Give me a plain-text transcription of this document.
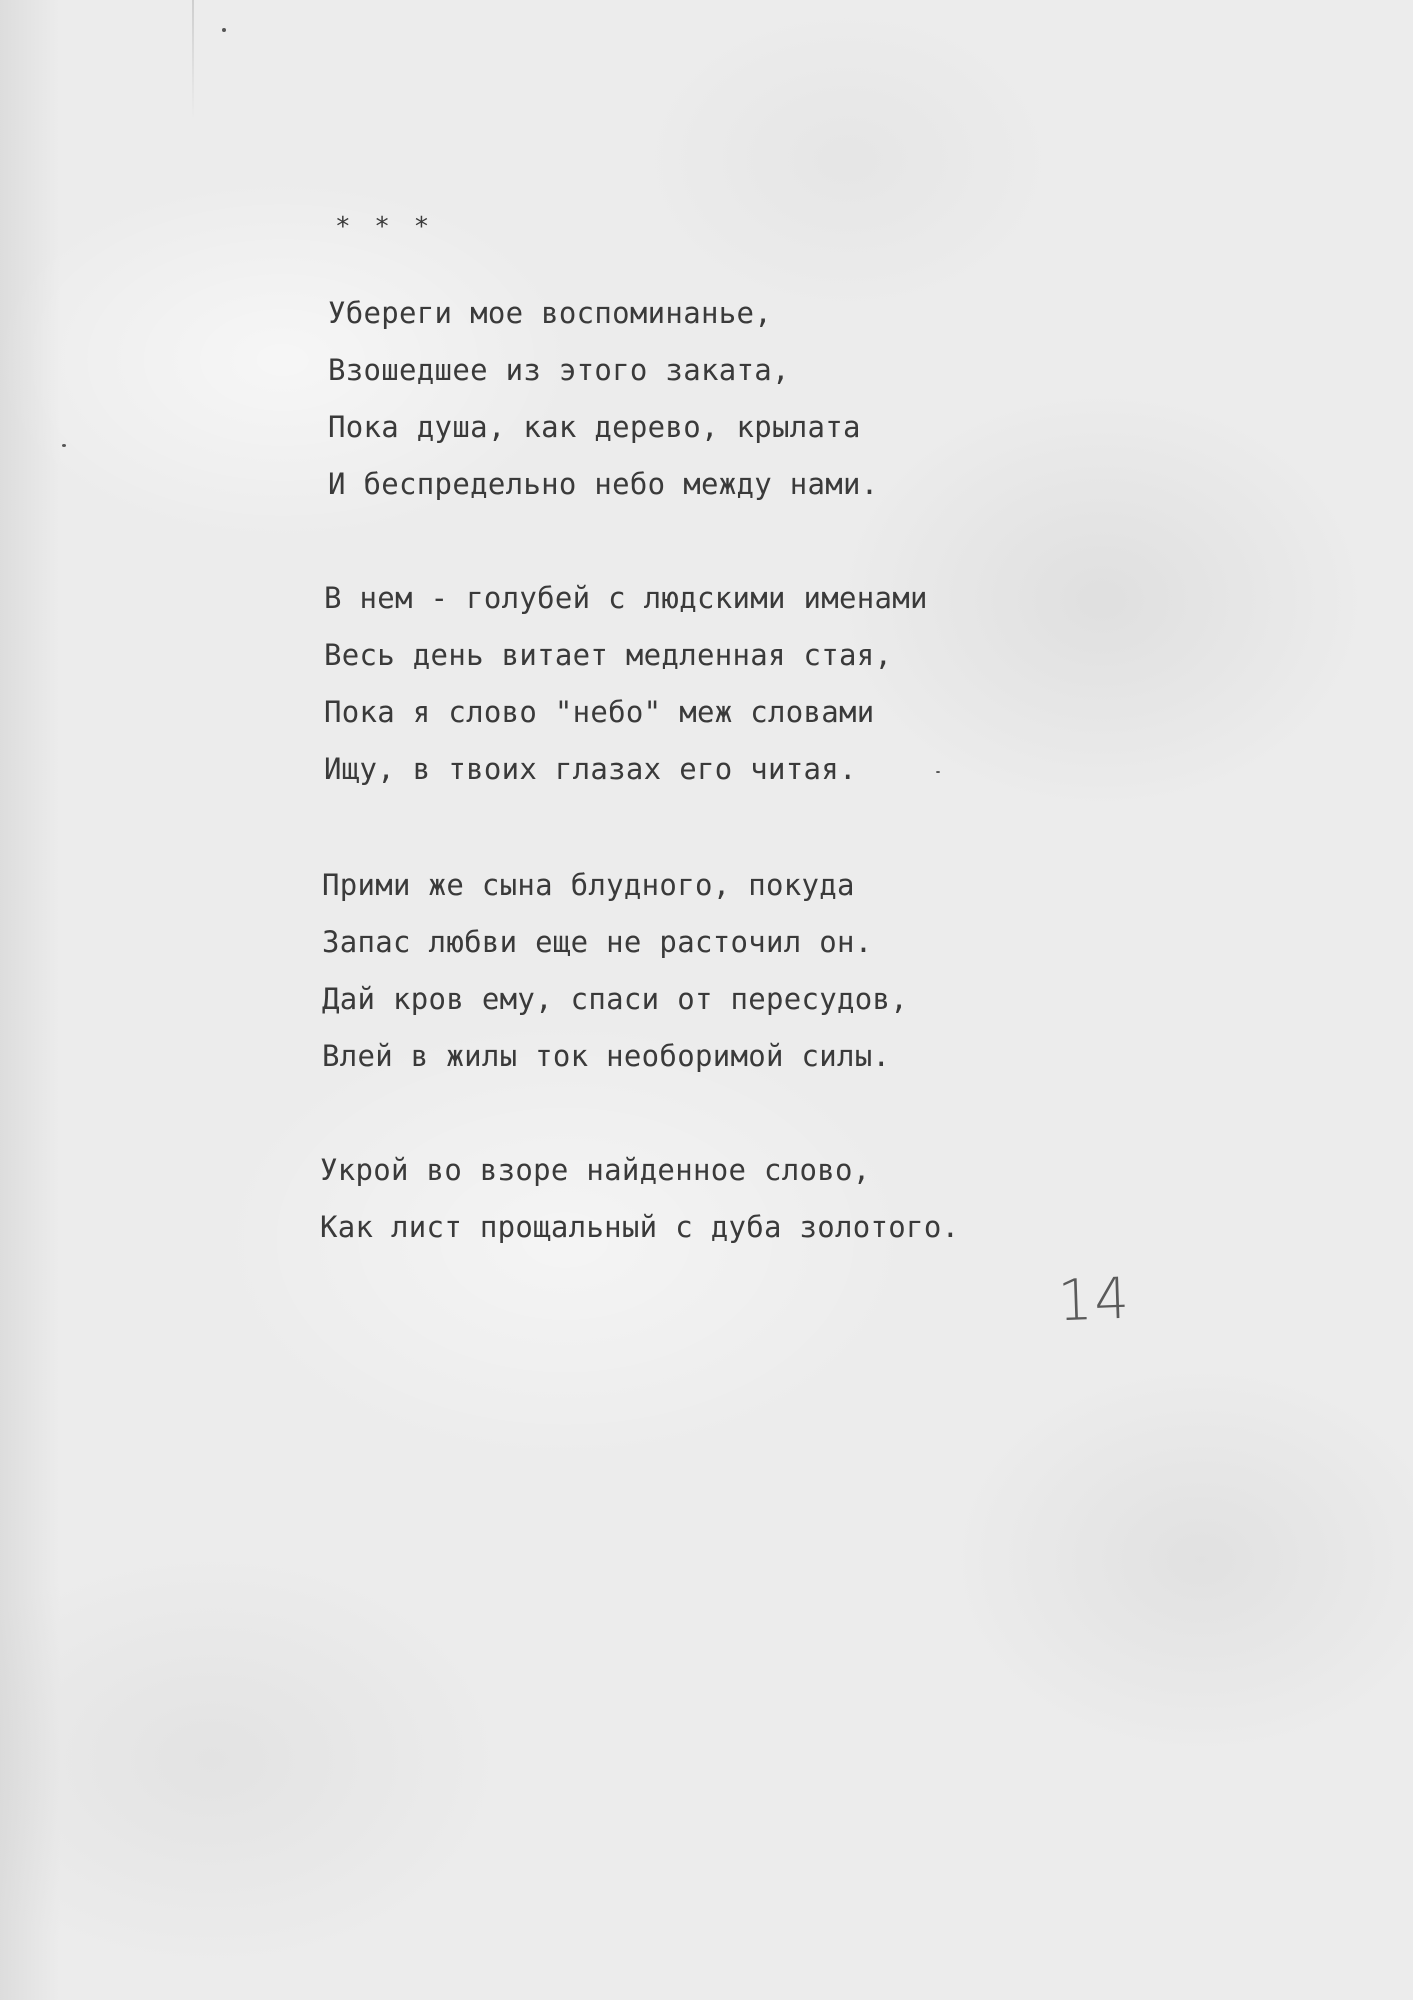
* * *
Убереги мое воспоминанье,
Взошедшее из этого заката,
Пока душа, как дерево, крылата
И беспредельно небо между нами.
В нем - голубей с людскими именами
Весь день витает медленная стая,
Пока я слово "небо" меж словами
Ищу, в твоих глазах его читая.
Прими же сына блудного, покуда
Запас любви еще не расточил он.
Дай кров ему, спаси от пересудов,
Влей в жилы ток необоримой силы.
Укрой во взоре найденное слово,
Как лист прощальный с дуба золотого.
14
